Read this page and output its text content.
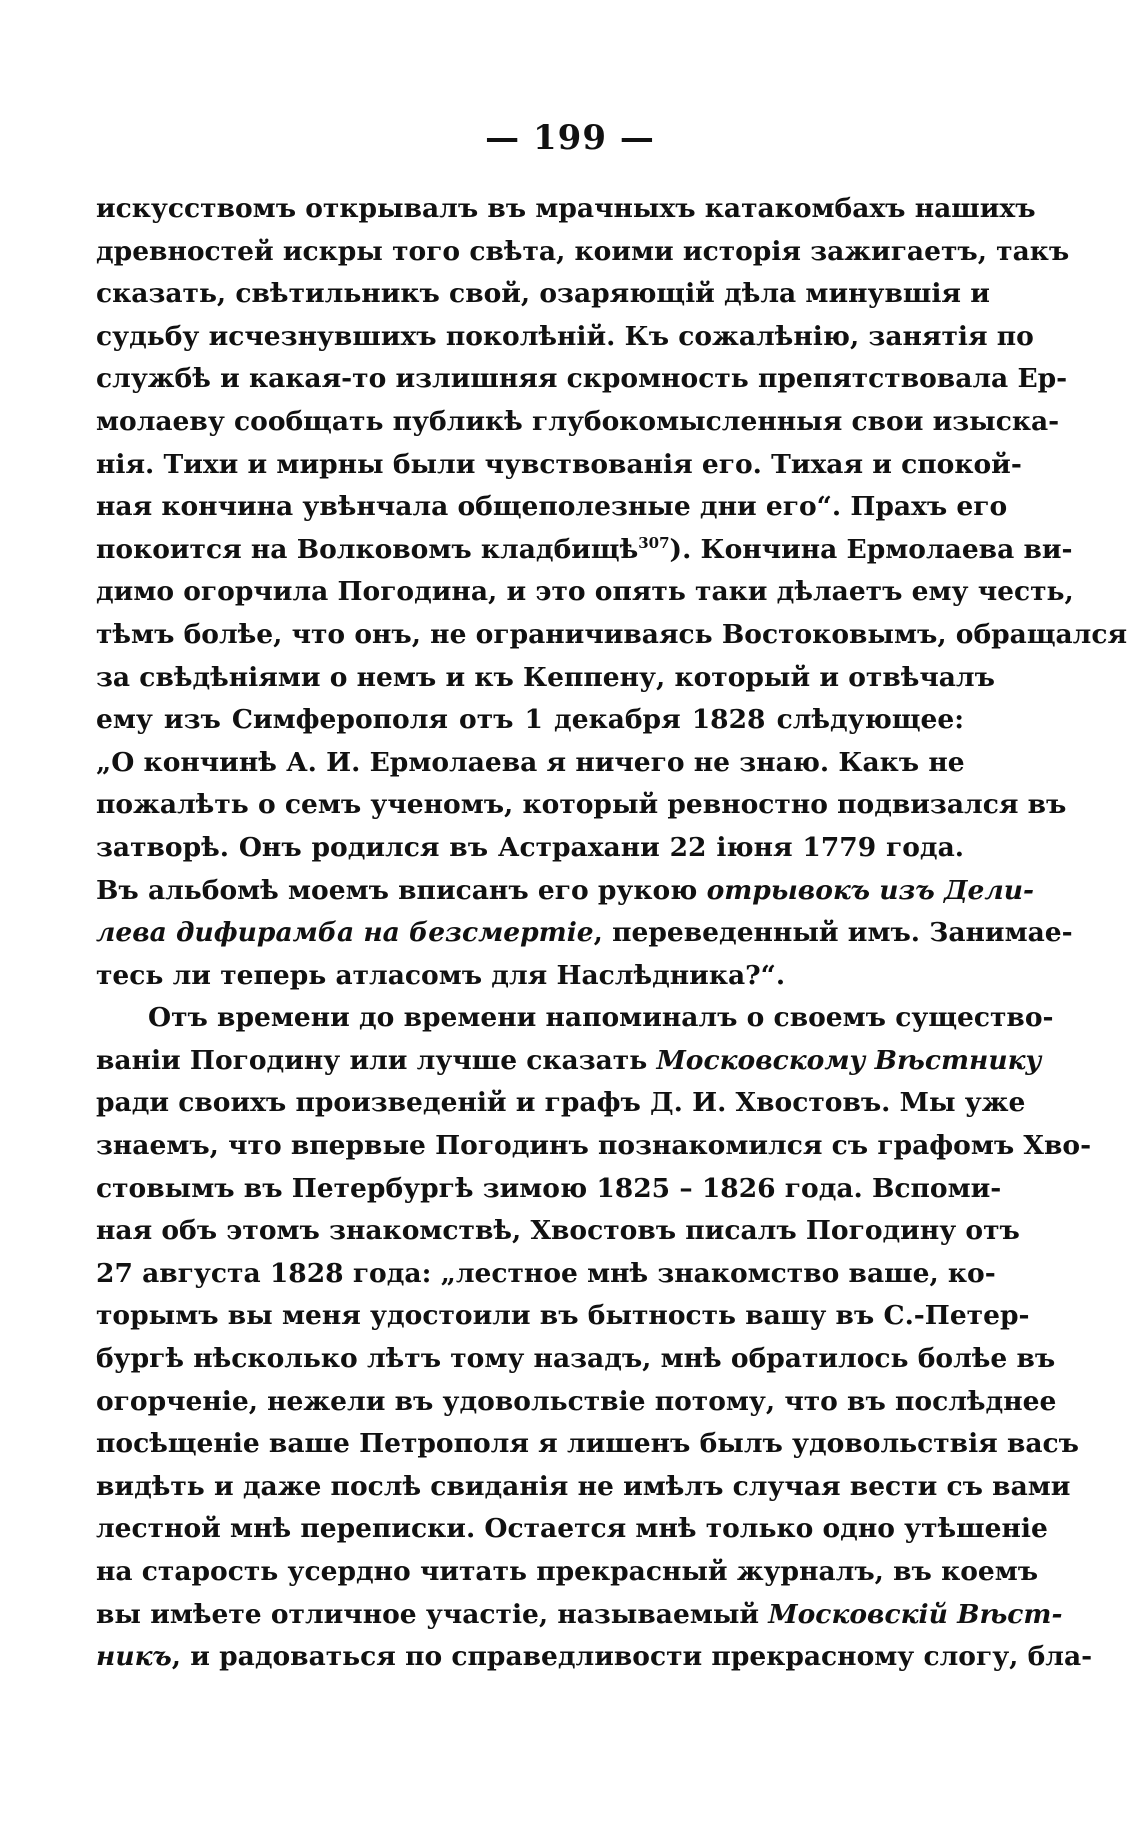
— 199 —
искусствомъ открывалъ въ мрачныхъ катакомбахъ нашихъ
древностей искры того свѣта, коими исторія зажигаетъ, такъ
сказать, свѣтильникъ свой, озаряющій дѣла минувшія и
судьбу исчезнувшихъ поколѣній. Къ сожалѣнію, занятія по
службѣ и какая-то излишняя скромность препятствовала Ер-
молаеву сообщать публикѣ глубокомысленныя свои изыска-
нія. Тихи и мирны были чувствованія его. Тихая и спокой-
ная кончина увѣнчала общеполезные дни его“. Прахъ его
покоится на Волковомъ кладбищѣ$^{307}$). Кончина Ермолаева ви-
димо огорчила Погодина, и это опять таки дѣлаетъ ему честь,
тѣмъ болѣе, что онъ, не ограничиваясь Востоковымъ, обращался
за свѣдѣніями о немъ и къ Кеппену, который и отвѣчалъ
ему изъ Симферополя отъ 1 декабря 1828 слѣдующее:
„О кончинѣ А. И. Ермолаева я ничего не знаю. Какъ не
пожалѣть о семъ ученомъ, который ревностно подвизался въ
затворѣ. Онъ родился въ Астрахани 22 іюня 1779 года.
Въ альбомѣ моемъ вписанъ его рукою отрывокъ изъ Дели-
лева дифирамба на безсмертіе, переведенный имъ. Занимае-
тесь ли теперь атласомъ для Наслѣдника?“.
Отъ времени до времени напоминалъ о своемъ существо-
ваніи Погодину или лучше сказать Московскому Вѣстнику
ради своихъ произведеній и графъ Д. И. Хвостовъ. Мы уже
знаемъ, что впервые Погодинъ познакомился съ графомъ Хво-
стовымъ въ Петербургѣ зимою 1825 – 1826 года. Вспоми-
ная объ этомъ знакомствѣ, Хвостовъ писалъ Погодину отъ
27 августа 1828 года: „лестное мнѣ знакомство ваше, ко-
торымъ вы меня удостоили въ бытность вашу въ С.-Петер-
бургѣ нѣсколько лѣтъ тому назадъ, мнѣ обратилось болѣе въ
огорченіе, нежели въ удовольствіе потому, что въ послѣднее
посѣщеніе ваше Петрополя я лишенъ былъ удовольствія васъ
видѣть и даже послѣ свиданія не имѣлъ случая вести съ вами
лестной мнѣ переписки. Остается мнѣ только одно утѣшеніе
на старость усердно читать прекрасный журналъ, въ коемъ
вы имѣете отличное участіе, называемый Московскій Вѣст-
никъ, и радоваться по справедливости прекрасному слогу, бла-
